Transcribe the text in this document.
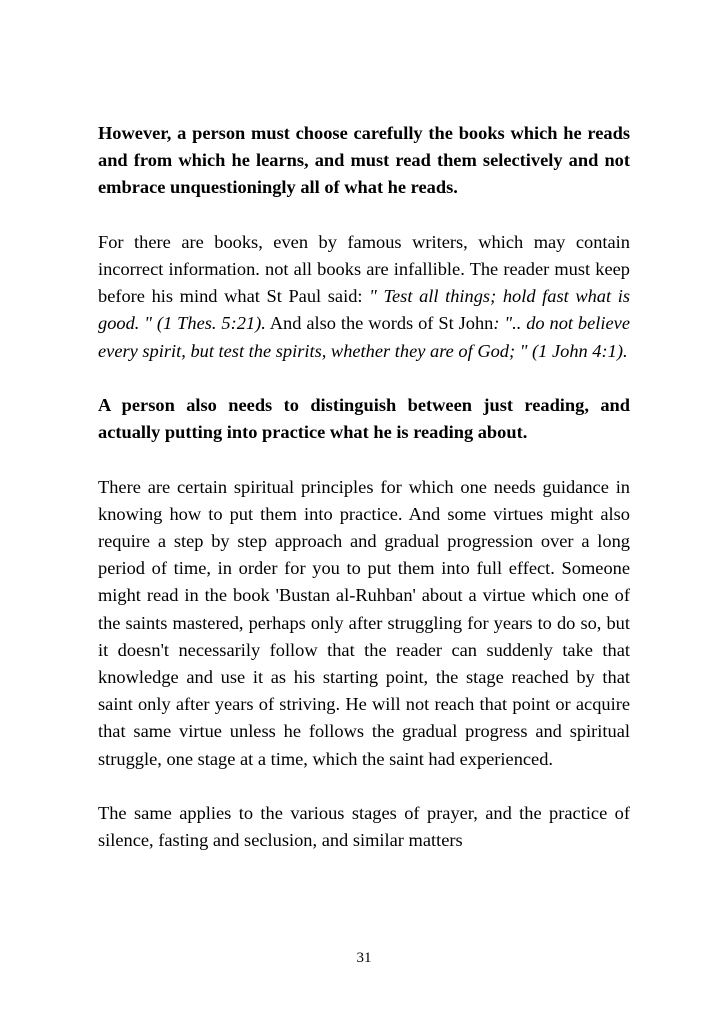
However, a person must choose carefully the books which he reads and from which he learns, and must read them selectively and not embrace unquestioningly all of what he reads.

For there are books, even by famous writers, which may contain incorrect information. not all books are infallible. The reader must keep before his mind what St Paul said: " Test all things; hold fast what is good. " (1 Thes. 5:21). And also the words of St John: ".. do not believe every spirit, but test the spirits, whether they are of God; " (1 John 4:1).

A person also needs to distinguish between just reading, and actually putting into practice what he is reading about.

There are certain spiritual principles for which one needs guidance in knowing how to put them into practice. And some virtues might also require a step by step approach and gradual progression over a long period of time, in order for you to put them into full effect. Someone might read in the book 'Bustan al-Ruhban' about a virtue which one of the saints mastered, perhaps only after struggling for years to do so, but it doesn't necessarily follow that the reader can suddenly take that knowledge and use it as his starting point, the stage reached by that saint only after years of striving. He will not reach that point or acquire that same virtue unless he follows the gradual progress and spiritual struggle, one stage at a time, which the saint had experienced.

The same applies to the various stages of prayer, and the practice of silence, fasting and seclusion, and similar matters

31
